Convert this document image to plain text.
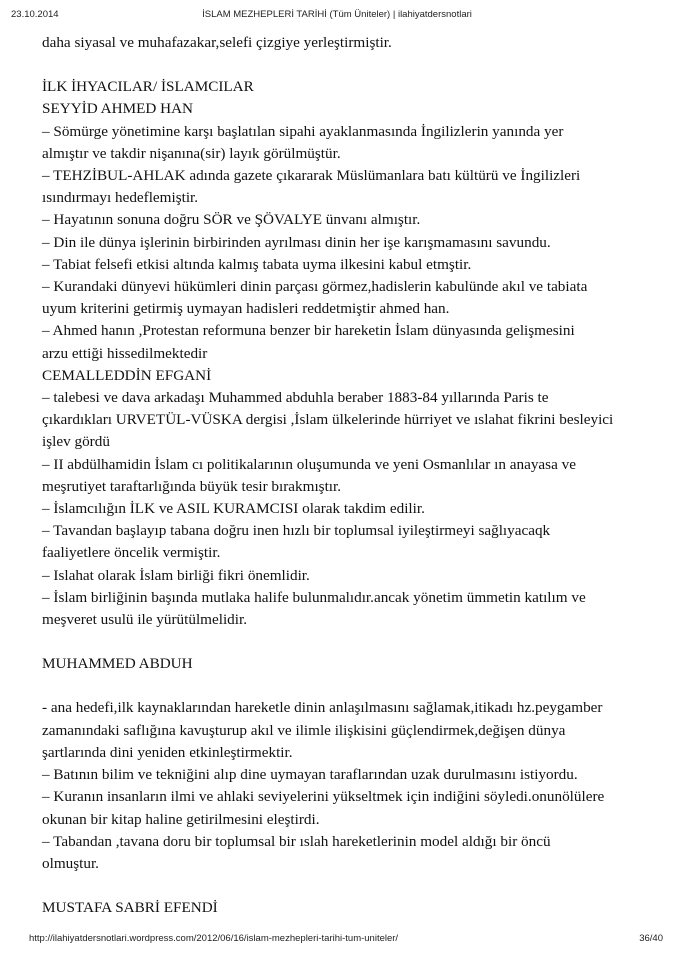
23.10.2014	İSLAM MEZHEPLERİ TARİHİ (Tüm Üniteler) | ilahiyatdersnotlari

daha siyasal ve muhafazakar,selefi çizgiye yerleştirmiştir.

İLK İHYACILAR/ İSLAMCILAR

SEYYİD AHMED HAN

– Sömürge yönetimine karşı başlatılan sipahi ayaklanmasında İngilizlerin yanında yer

almıştır ve takdir nişanına(sir) layık görülmüştür.

– TEHZİBUL-AHLAK adında gazete çıkararak Müslümanlara batı kültürü ve İngilizleri

ısındırmayı hedeflemiştir.

– Hayatının sonuna doğru SÖR ve ŞÖVALYE ünvanı almıştır.

– Din ile dünya işlerinin birbirinden ayrılması dinin her işe karışmamasını savundu.

– Tabiat felsefi etkisi altında kalmış tabata uyma ilkesini kabul etmştir.

– Kurandaki dünyevi hükümleri dinin parçası görmez,hadislerin kabulünde akıl ve tabiata

uyum kriterini getirmiş uymayan hadisleri reddetmiştir ahmed han.

– Ahmed hanın ,Protestan reformuna benzer bir hareketin İslam dünyasında gelişmesini

arzu ettiği hissedilmektedir

CEMALLEDDİN EFGANİ

– talebesi ve dava arkadaşı Muhammed abduhla beraber 1883-84 yıllarında Paris te

çıkardıkları URVETÜL-VÜSKA dergisi ,İslam ülkelerinde hürriyet ve ıslahat fikrini besleyici

işlev gördü

– II abdülhamidin İslam cı politikalarının oluşumunda ve yeni Osmanlılar ın anayasa ve

meşrutiyet taraftarlığında büyük tesir bırakmıştır.

– İslamcılığın İLK ve ASIL KURAMCISI olarak takdim edilir.

– Tavandan başlayıp tabana doğru inen hızlı bir toplumsal iyileştirmeyi sağlıyacaqk

faaliyetlere öncelik vermiştir.

– Islahat olarak İslam birliği fikri önemlidir.

– İslam birliğinin başında mutlaka halife bulunmalıdır.ancak yönetim ümmetin katılım ve

meşveret usulü ile yürütülmelidir.

MUHAMMED ABDUH

- ana hedefi,ilk kaynaklarından hareketle dinin anlaşılmasını sağlamak,itikadı hz.peygamber

zamanındaki saflığına kavuşturup akıl ve ilimle ilişkisini güçlendirmek,değişen dünya

şartlarında dini yeniden etkinleştirmektir.

– Batının bilim ve tekniğini alıp dine uymayan taraflarından uzak durulmasını istiyordu.

– Kuranın insanların ilmi ve ahlaki seviyelerini yükseltmek için indiğini söyledi.onunölülere

okunan bir kitap haline getirilmesini eleştirdi.

– Tabandan ,tavana doru bir toplumsal bir ıslah hareketlerinin model aldığı bir öncü

olmuştur.

MUSTAFA SABRİ EFENDİ

http://ilahiyatdersnotlari.wordpress.com/2012/06/16/islam-mezhepleri-tarihi-tum-uniteler/	36/40
